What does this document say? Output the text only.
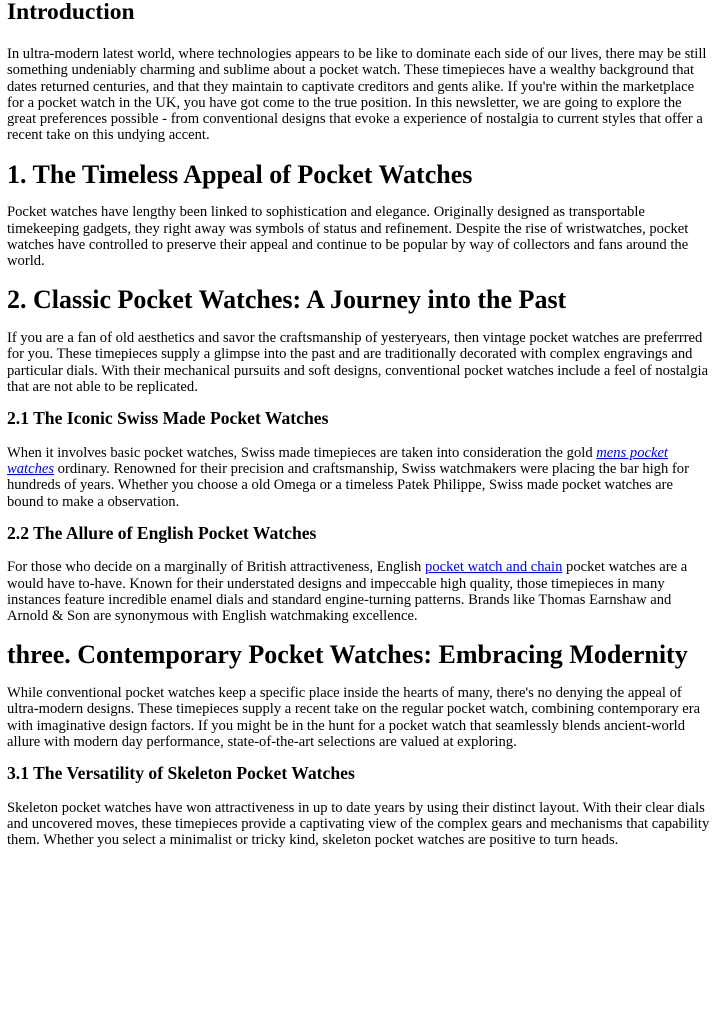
Introduction

In ultra-modern latest world, where technologies appears to be like to dominate each side of our lives, there may be still something undeniably charming and sublime about a pocket watch. These timepieces have a wealthy background that dates returned centuries, and that they maintain to captivate creditors and gents alike. If you're within the marketplace for a pocket watch in the UK, you have got come to the true position. In this newsletter, we are going to explore the great preferences possible - from conventional designs that evoke a experience of nostalgia to current styles that offer a recent take on this undying accent.

1. The Timeless Appeal of Pocket Watches

Pocket watches have lengthy been linked to sophistication and elegance. Originally designed as transportable timekeeping gadgets, they right away was symbols of status and refinement. Despite the rise of wristwatches, pocket watches have controlled to preserve their appeal and continue to be popular by way of collectors and fans around the world.

2. Classic Pocket Watches: A Journey into the Past

If you are a fan of old aesthetics and savor the craftsmanship of yesteryears, then vintage pocket watches are preferrred for you. These timepieces supply a glimpse into the past and are traditionally decorated with complex engravings and particular dials. With their mechanical pursuits and soft designs, conventional pocket watches include a feel of nostalgia that are not able to be replicated.

2.1 The Iconic Swiss Made Pocket Watches

When it involves basic pocket watches, Swiss made timepieces are taken into consideration the gold mens pocket watches ordinary. Renowned for their precision and craftsmanship, Swiss watchmakers were placing the bar high for hundreds of years. Whether you choose a old Omega or a timeless Patek Philippe, Swiss made pocket watches are bound to make a observation.

2.2 The Allure of English Pocket Watches

For those who decide on a marginally of British attractiveness, English pocket watch and chain pocket watches are a would have to-have. Known for their understated designs and impeccable high quality, those timepieces in many instances feature incredible enamel dials and standard engine-turning patterns. Brands like Thomas Earnshaw and Arnold & Son are synonymous with English watchmaking excellence.

three. Contemporary Pocket Watches: Embracing Modernity

While conventional pocket watches keep a specific place inside the hearts of many, there's no denying the appeal of ultra-modern designs. These timepieces supply a recent take on the regular pocket watch, combining contemporary era with imaginative design factors. If you might be in the hunt for a pocket watch that seamlessly blends ancient-world allure with modern day performance, state-of-the-art selections are valued at exploring.

3.1 The Versatility of Skeleton Pocket Watches

Skeleton pocket watches have won attractiveness in up to date years by using their distinct layout. With their clear dials and uncovered moves, these timepieces provide a captivating view of the complex gears and mechanisms that capability them. Whether you select a minimalist or tricky kind, skeleton pocket watches are positive to turn heads.
